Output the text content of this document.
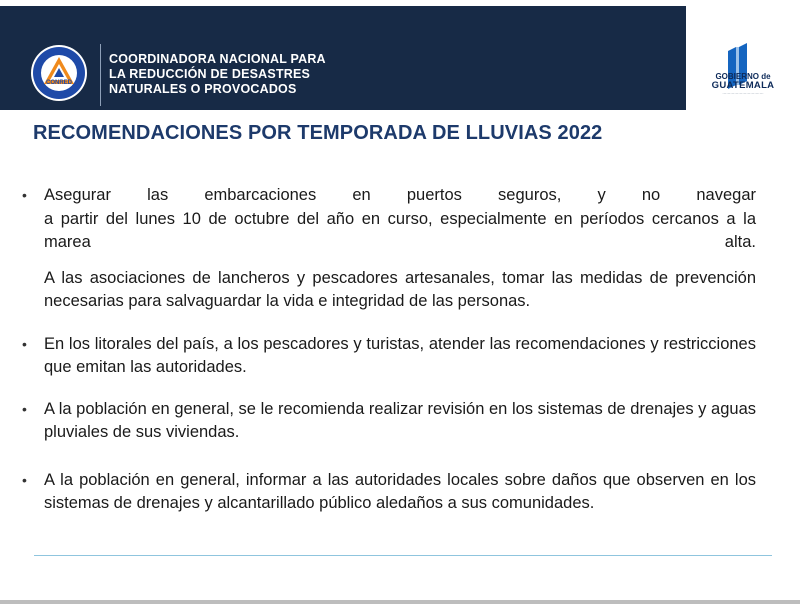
CONRED
COORDINADORA NACIONAL PARA
LA REDUCCIÓN DE DESASTRES
NATURALES O PROVOCADOS
GOBIERNO de
GUATEMALA
·······························
RECOMENDACIONES POR TEMPORADA DE LLUVIAS 2022
• Asegurar las embarcaciones en puertos seguros, y no navegar

a partir del lunes 10 de octubre del año en curso, especialmente en períodos cercanos a la marea alta.

A las asociaciones de lancheros y pescadores artesanales, tomar las medidas de prevención necesarias para salvaguardar la vida e integridad de las personas.

• En los litorales del país, a los pescadores y turistas, atender las recomendaciones y restricciones que emitan las autoridades.

• A la población en general, se le recomienda realizar revisión en los sistemas de drenajes y aguas pluviales de sus viviendas.

• A la población en general, informar a las autoridades locales sobre daños que observen en los sistemas de drenajes y alcantarillado público aledaños a sus comunidades.
